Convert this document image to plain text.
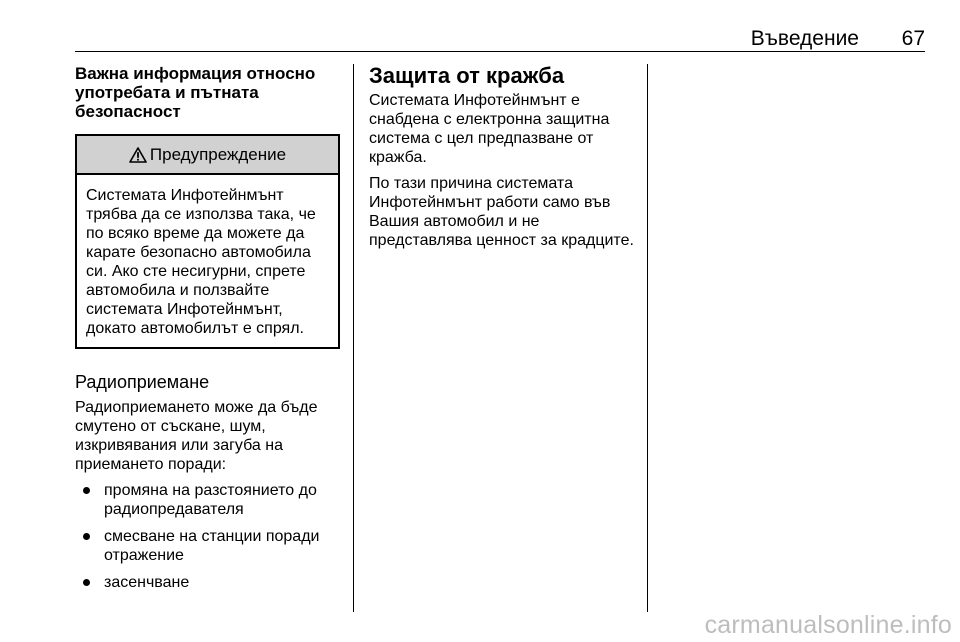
Въведение 67
Важна информация относно употребата и пътната безопасност
Предупреждение
Системата Инфотейнмънт трябва да се използва така, че по всяко време да можете да карате безопасно автомобила си. Ако сте несигурни, спрете автомобила и ползвайте системата Инфотейнмънт, докато автомобилът е спрял.
Радиоприемане

Радиоприемането може да бъде смутено от съскане, шум, изкривявания или загуба на приемането поради:

промяна на разстоянието до радиопредавателя
смесване на станции поради отражение
засенчване
Защита от кражба

Системата Инфотейнмънт е снабдена с електронна защитна система с цел предпазване от кражба.

По тази причина системата Инфотейнмънт работи само във Вашия автомобил и не представлява ценност за крадците.

carmanualsonline.info
